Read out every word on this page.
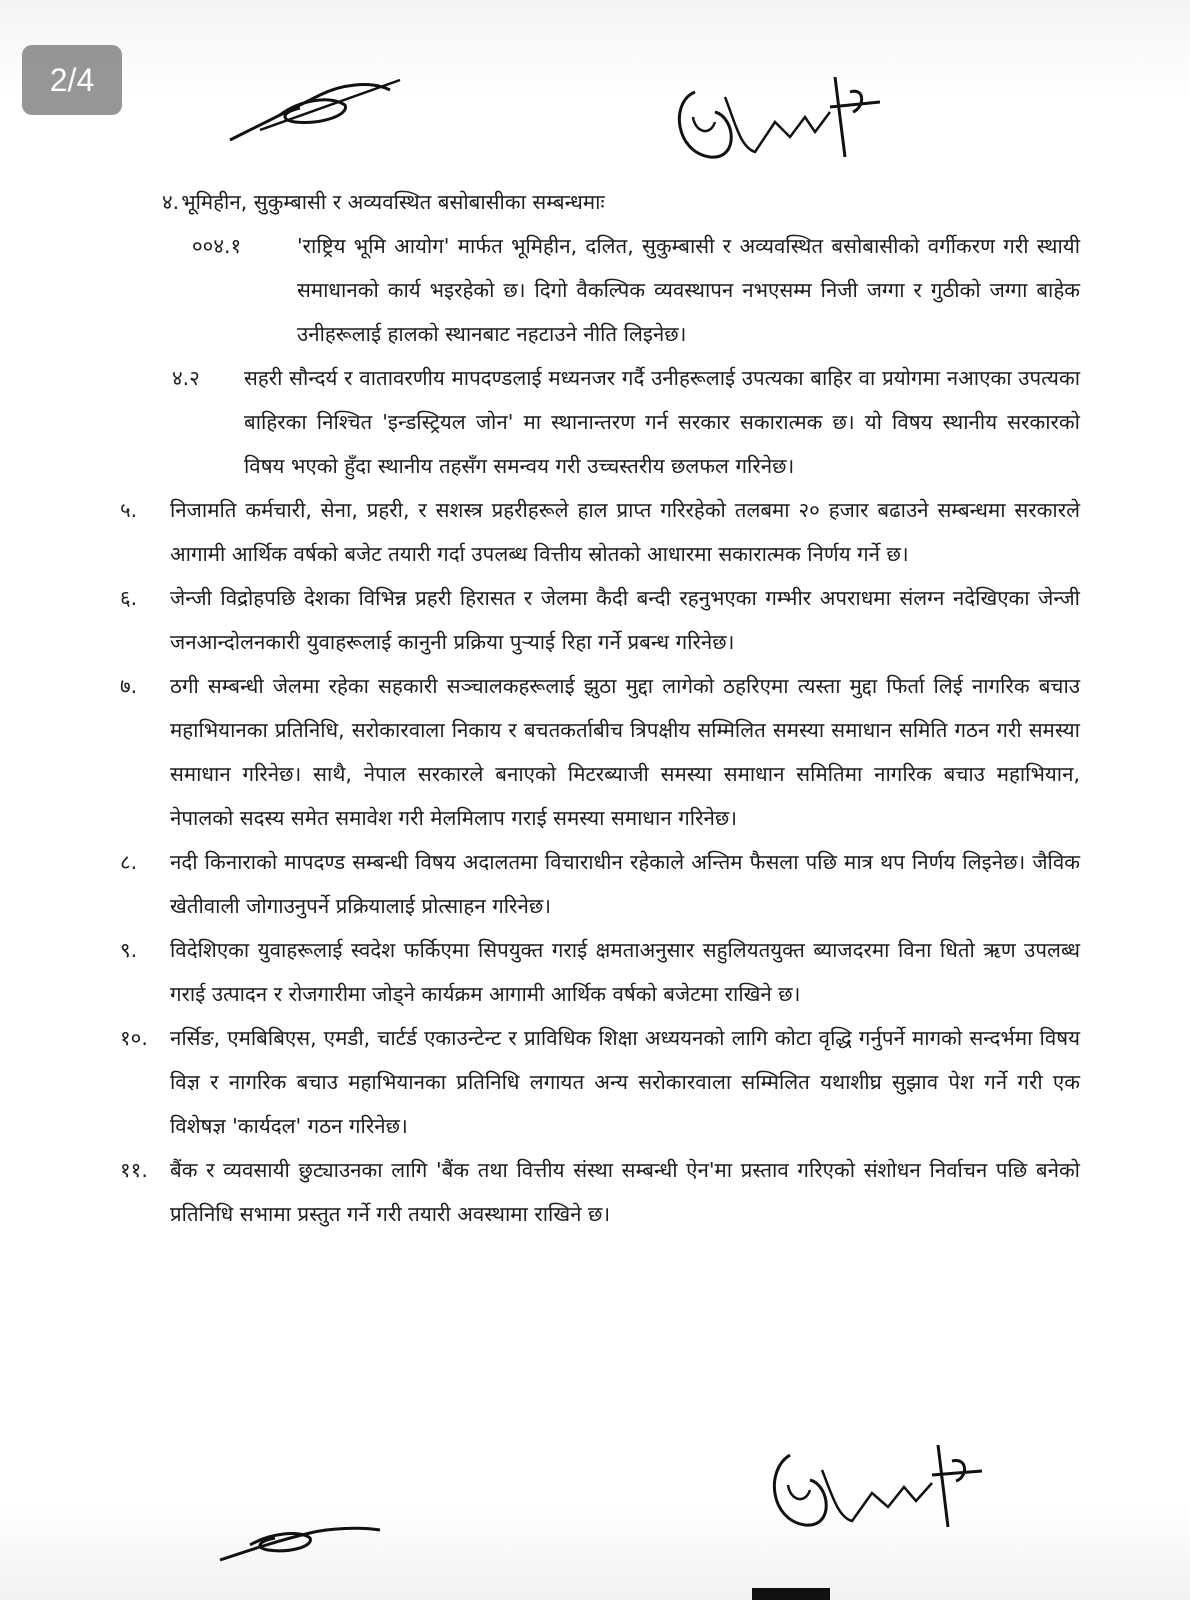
2/4
४. भूमिहीन, सुकुम्बासी र अव्यवस्थित बसोबासीका सम्बन्धमाः
००४.१	'राष्ट्रिय भूमि आयोग' मार्फत भूमिहीन, दलित, सुकुम्बासी र अव्यवस्थित बसोबासीको वर्गीकरण गरी स्थायी समाधानको कार्य भइरहेको छ। दिगो वैकल्पिक व्यवस्थापन नभएसम्म निजी जग्गा र गुठीको जग्गा बाहेक उनीहरूलाई हालको स्थानबाट नहटाउने नीति लिइनेछ।
४.२	सहरी सौन्दर्य र वातावरणीय मापदण्डलाई मध्यनजर गर्दै उनीहरूलाई उपत्यका बाहिर वा प्रयोगमा नआएका उपत्यका बाहिरका निश्चित 'इन्डस्ट्रियल जोन' मा स्थानान्तरण गर्न सरकार सकारात्मक छ। यो विषय स्थानीय सरकारको विषय भएको हुँदा स्थानीय तहसँग समन्वय गरी उच्चस्तरीय छलफल गरिनेछ।
५.	निजामति कर्मचारी, सेना, प्रहरी, र सशस्त्र प्रहरीहरूले हाल प्राप्त गरिरहेको तलबमा २० हजार बढाउने सम्बन्धमा सरकारले आगामी आर्थिक वर्षको बजेट तयारी गर्दा उपलब्ध वित्तीय स्रोतको आधारमा सकारात्मक निर्णय गर्ने छ।
६.	जेन्जी विद्रोहपछि देशका विभिन्न प्रहरी हिरासत र जेलमा कैदी बन्दी रहनुभएका गम्भीर अपराधमा संलग्न नदेखिएका जेन्जी जनआन्दोलनकारी युवाहरूलाई कानुनी प्रक्रिया पुऱ्याई रिहा गर्ने प्रबन्ध गरिनेछ।
७.	ठगी सम्बन्धी जेलमा रहेका सहकारी सञ्चालकहरूलाई झुठा मुद्दा लागेको ठहरिएमा त्यस्ता मुद्दा फिर्ता लिई नागरिक बचाउ महाभियानका प्रतिनिधि, सरोकारवाला निकाय र बचतकर्ताबीच त्रिपक्षीय सम्मिलित समस्या समाधान समिति गठन गरी समस्या समाधान गरिनेछ। साथै, नेपाल सरकारले बनाएको मिटरब्याजी समस्या समाधान समितिमा नागरिक बचाउ महाभियान, नेपालको सदस्य समेत समावेश गरी मेलमिलाप गराई समस्या समाधान गरिनेछ।
८.	नदी किनाराको मापदण्ड सम्बन्धी विषय अदालतमा विचाराधीन रहेकाले अन्तिम फैसला पछि मात्र थप निर्णय लिइनेछ। जैविक खेतीवाली जोगाउनुपर्ने प्रक्रियालाई प्रोत्साहन गरिनेछ।
९.	विदेशिएका युवाहरूलाई स्वदेश फर्किएमा सिपयुक्त गराई क्षमताअनुसार सहुलियतयुक्त ब्याजदरमा विना धितो ऋण उपलब्ध गराई उत्पादन र रोजगारीमा जोड्ने कार्यक्रम आगामी आर्थिक वर्षको बजेटमा राखिने छ।
१०.	नर्सिङ, एमबिबिएस, एमडी, चार्टर्ड एकाउन्टेन्ट र प्राविधिक शिक्षा अध्ययनको लागि कोटा वृद्धि गर्नुपर्ने मागको सन्दर्भमा विषय विज्ञ र नागरिक बचाउ महाभियानका प्रतिनिधि लगायत अन्य सरोकारवाला सम्मिलित यथाशीघ्र सुझाव पेश गर्ने गरी एक विशेषज्ञ 'कार्यदल' गठन गरिनेछ।
११.	बैंक र व्यवसायी छुट्याउनका लागि 'बैंक तथा वित्तीय संस्था सम्बन्धी ऐन'मा प्रस्ताव गरिएको संशोधन निर्वाचन पछि बनेको प्रतिनिधि सभामा प्रस्तुत गर्ने गरी तयारी अवस्थामा राखिने छ।
